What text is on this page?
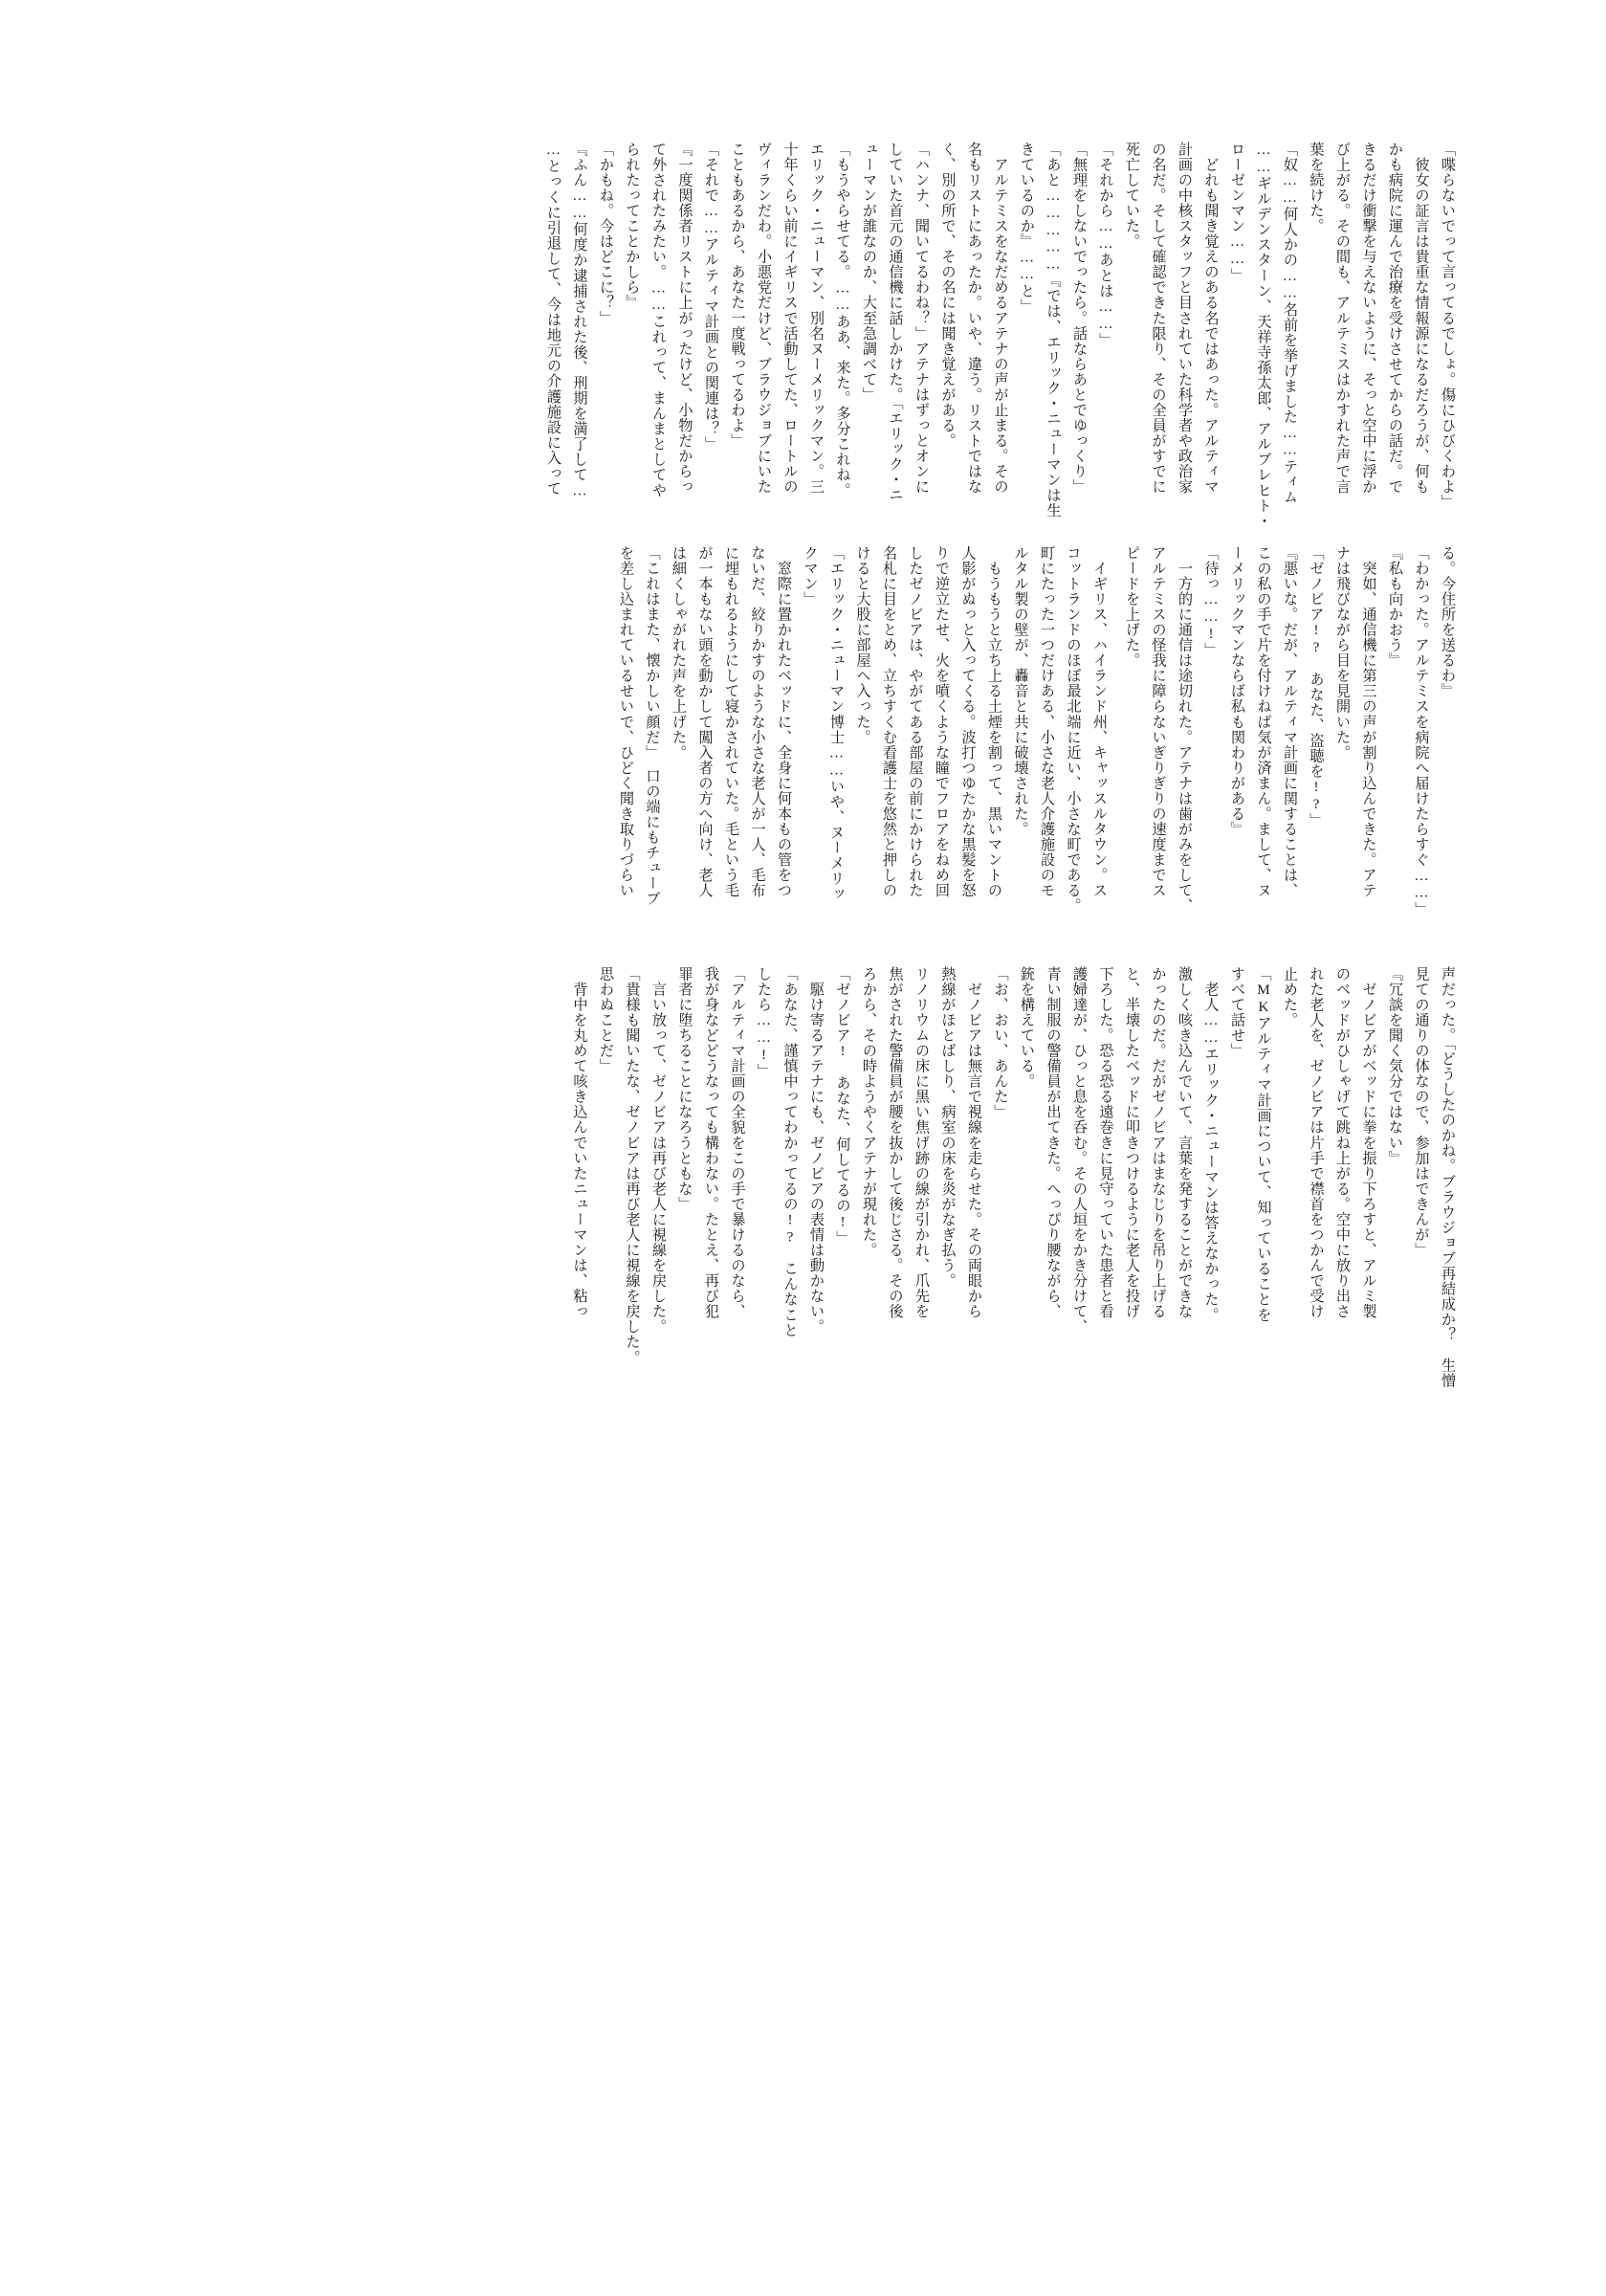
「喋らないでって言ってるでしょ。傷にひびくわよ」
　彼女の証言は貴重な情報源になるだろうが、何も
かも病院に運んで治療を受けさせてからの話だ。で
きるだけ衝撃を与えないように、そっと空中に浮か
び上がる。その間も、アルテミスはかすれた声で言
葉を続けた。
「奴……何人かの……名前を挙げました……ティム
……ギルデンスターン、天祥寺孫太郎、アルブレヒト・
ローゼンマン……」
　どれも聞き覚えのある名ではあった。アルティマ
計画の中核スタッフと目されていた科学者や政治家
の名だ。そして確認できた限り、その全員がすでに
死亡していた。
「それから……あとは……」
「無理をしないでったら。話ならあとでゆっくり」
「あと……………『では、エリック・ニューマンは生
きているのか』……と」
　アルテミスをなだめるアテナの声が止まる。その
名もリストにあったか。いや、違う。リストではな
く、別の所で、その名には聞き覚えがある。
「ハンナ、聞いてるわね？」アテナはずっとオンに
していた首元の通信機に話しかけた。「エリック・ニ
ューマンが誰なのか、大至急調べて」
「もうやらせてる。……ああ、来た。多分これね。
エリック・ニューマン、別名ヌーメリックマン。三
十年くらい前にイギリスで活動してた、ロートルの
ヴィランだわ。小悪党だけど、ブラウジョブにいた
こともあるから、あなた一度戦ってるわよ」
「それで……アルティマ計画との関連は？」
『一度関係者リストに上がったけど、小物だからっ
て外されたみたい。……これって、まんまとしてや
られたってことかしら』
「かもね。今はどこに？」
『ふん……何度か逮捕された後、刑期を満了して…
…とっくに引退して、今は地元の介護施設に入って
る。今住所を送るわ』
「わかった。アルテミスを病院へ届けたらすぐ……」
『私も向かおう』
　突如、通信機に第三の声が割り込んできた。アテ
ナは飛びながら目を見開いた。
「ゼノビア!?　あなた、盗聴を!?」
『悪いな。だが、アルティマ計画に関することは、
この私の手で片を付けねば気が済まん。まして、ヌ
ーメリックマンならば私も関わりがある』
「待っ……!」
　一方的に通信は途切れた。アテナは歯がみをして、
アルテミスの怪我に障らないぎりぎりの速度までス
ピードを上げた。
　イギリス、ハイランド州、キャッスルタウン。ス
コットランドのほぼ最北端に近い、小さな町である。
町にたった一つだけある、小さな老人介護施設のモ
ルタル製の壁が、轟音と共に破壊された。
　もうもうと立ち上る土煙を割って、黒いマントの
人影がぬっと入ってくる。波打つゆたかな黒髪を怒
りで逆立たせ、火を噴くような瞳でフロアをねめ回
したゼノビアは、やがてある部屋の前にかけられた
名札に目をとめ、立ちすくむ看護士を悠然と押しの
けると大股に部屋へ入った。
「エリック・ニューマン博士……いや、ヌーメリッ
クマン」
　窓際に置かれたベッドに、全身に何本もの管をつ
ないだ、絞りかすのような小さな老人が一人、毛布
に埋もれるようにして寝かされていた。毛という毛
が一本もない頭を動かして闖入者の方へ向け、老人
は細くしゃがれた声を上げた。
「これはまた、懐かしい顔だ」　口の端にもチューブ
を差し込まれているせいで、ひどく聞き取りづらい
声だった。「どうしたのかね。ブラウジョブ再結成か？　生憎
見ての通りの体なので、参加はできんが」
『冗談を聞く気分ではない』
　ゼノビアがベッドに拳を振り下ろすと、アルミ製
のベッドがひしゃげて跳ね上がる。空中に放り出さ
れた老人を、ゼノビアは片手で襟首をつかんで受け
止めた。
「MKアルティマ計画について、知っていることを
すべて話せ」
　老人……エリック・ニューマンは答えなかった。
激しく咳き込んでいて、言葉を発することができな
かったのだ。だがゼノビアはまなじりを吊り上げる
と、半壊したベッドに叩きつけるように老人を投げ
下ろした。恐る恐る遠巻きに見守っていた患者と看
護婦達が、ひっと息を呑む。その人垣をかき分けて、
青い制服の警備員が出てきた。へっぴり腰ながら、
銃を構えている。
「お、おい、あんた」
　ゼノビアは無言で視線を走らせた。その両眼から
熱線がほとばしり、病室の床を炎がなぎ払う。
リノリウムの床に黒い焦げ跡の線が引かれ、爪先を
焦がされた警備員が腰を抜かして後じさる。その後
ろから、その時ようやくアテナが現れた。
「ゼノビア!　あなた、何してるの!」
　駆け寄るアテナにも、ゼノビアの表情は動かない。
「あなた、謹慎中ってわかってるの!?　こんなこと
したら……!」
「アルティマ計画の全貌をこの手で暴けるのなら、
我が身などどうなっても構わない。たとえ、再び犯
罪者に堕ちることになろうともな」
　言い放って、ゼノビアは再び老人に視線を戻した。
「貴様も聞いたな、ゼノビアは再び老人に視線を戻した。
思わぬことだ」
　背中を丸めて咳き込んでいたニューマンは、粘っ
